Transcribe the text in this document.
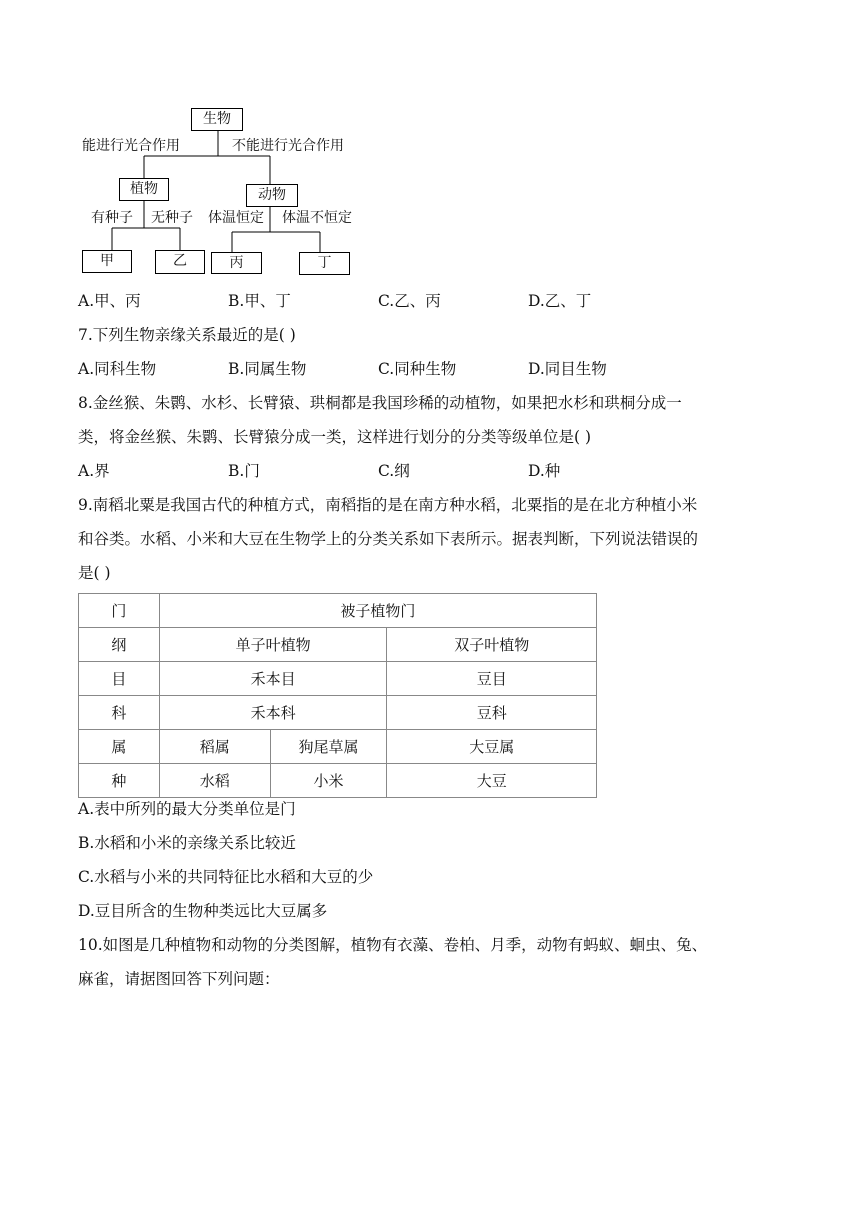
生物
能进行光合作用	不能进行光合作用
植物	动物
有种子 无种子 体温恒定 体温不恒定
甲	乙	丙	丁
A.甲、丙	B.甲、丁	C.乙、丙	D.乙、丁
7.下列生物亲缘关系最近的是( )
A.同科生物	B.同属生物	C.同种生物	D.同目生物
8.金丝猴、朱鹮、水杉、长臂猿、珙桐都是我国珍稀的动植物，如果把水杉和珙桐分成一
类，将金丝猴、朱鹮、长臂猿分成一类，这样进行划分的分类等级单位是( )
A.界	B.门	C.纲	D.种
9.南稻北粟是我国古代的种植方式，南稻指的是在南方种水稻，北粟指的是在北方种植小米
和谷类。水稻、小米和大豆在生物学上的分类关系如下表所示。据表判断，下列说法错误的
是( )
门	被子植物门		
纲	单子叶植物		双子叶植物
目	禾本目		豆目
科	禾本科		豆科
属	稻属	狗尾草属	大豆属
种	水稻	小米	大豆
A.表中所列的最大分类单位是门
B.水稻和小米的亲缘关系比较近
C.水稻与小米的共同特征比水稻和大豆的少
D.豆目所含的生物种类远比大豆属多
10.如图是几种植物和动物的分类图解，植物有衣藻、卷柏、月季，动物有蚂蚁、蛔虫、兔、
麻雀，请据图回答下列问题：
